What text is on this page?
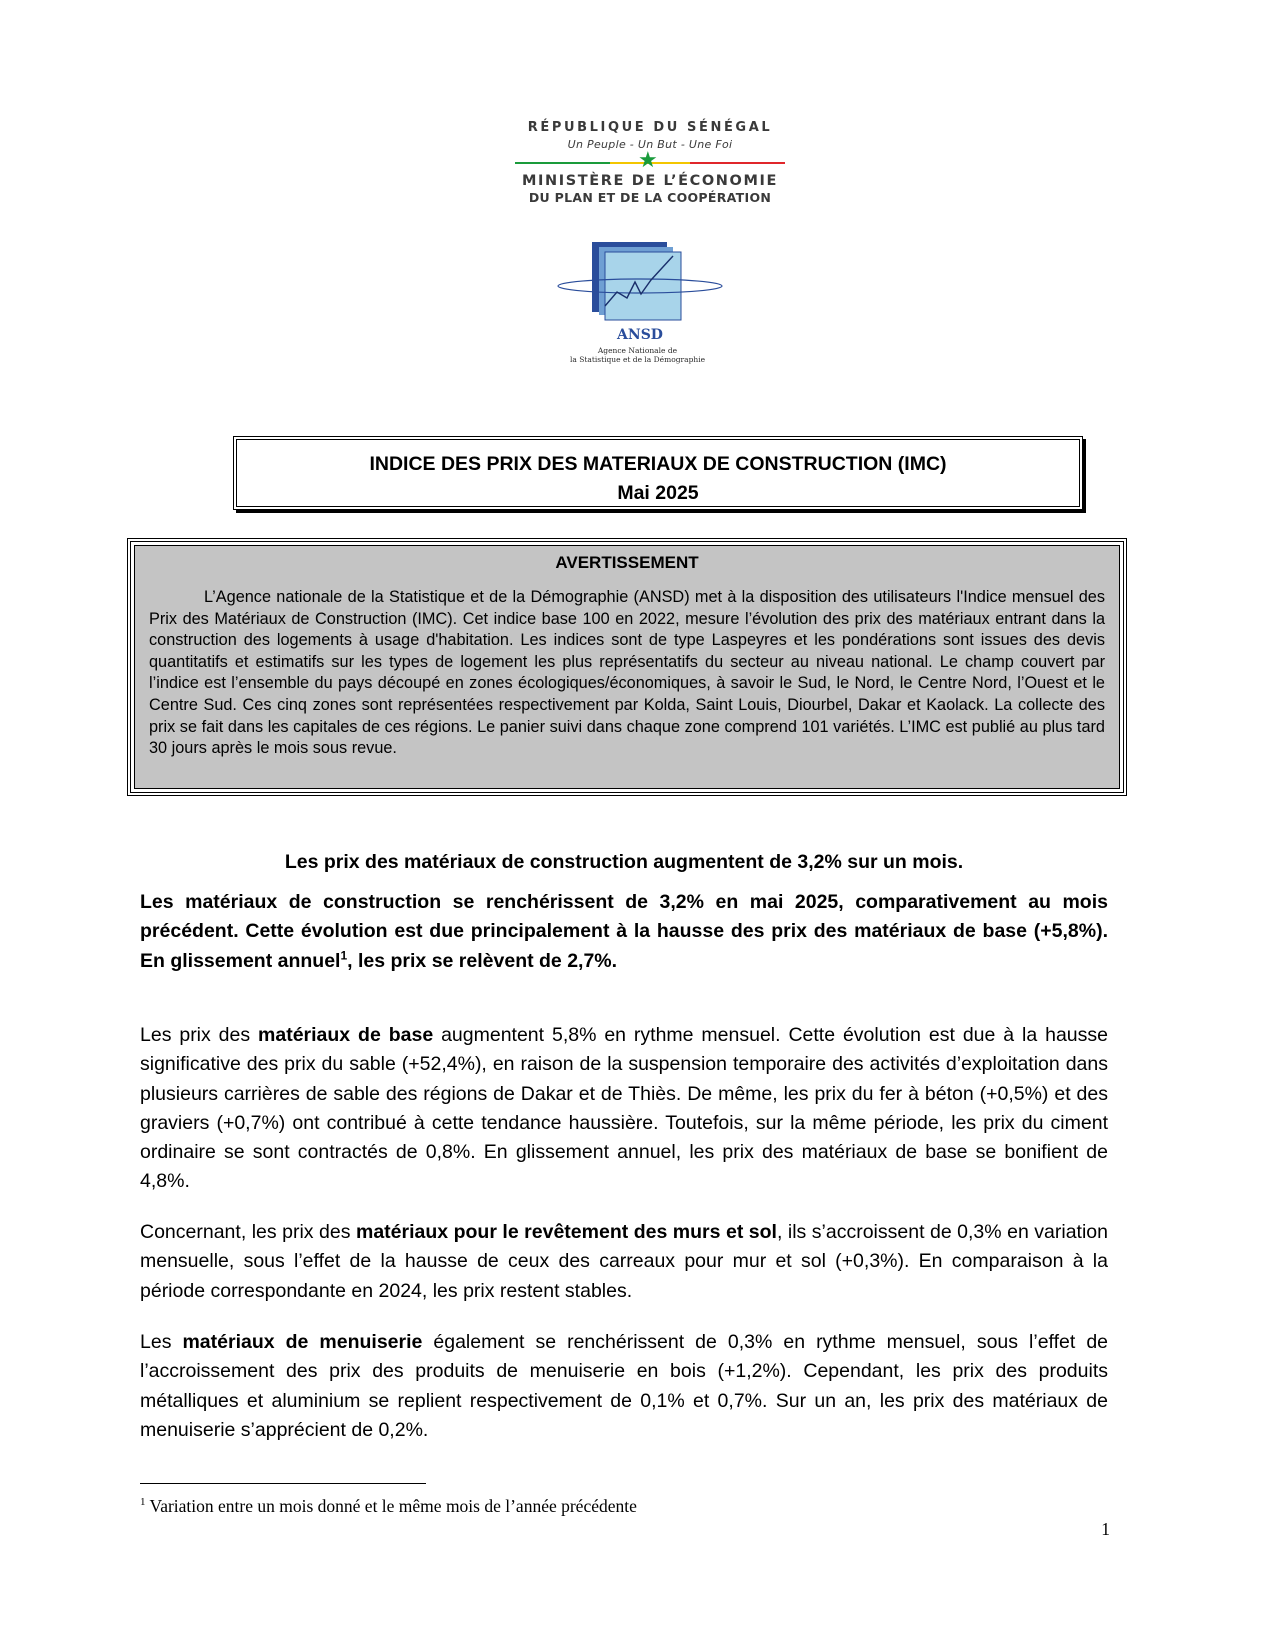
RÉPUBLIQUE DU SÉNÉGAL
Un Peuple - Un But - Une Foi
★
MINISTÈRE DE L’ÉCONOMIE
DU PLAN ET DE LA COOPÉRATION
ANSD
Agence Nationale de
la Statistique et de la Démographie
INDICE DES PRIX DES MATERIAUX DE CONSTRUCTION (IMC)
Mai 2025
AVERTISSEMENT
L’Agence nationale de la Statistique et de la Démographie (ANSD) met à la disposition des utilisateurs l'Indice mensuel des Prix des Matériaux de Construction (IMC). Cet indice base 100 en 2022, mesure l’évolution des prix des matériaux entrant dans la construction des logements à usage d'habitation. Les indices sont de type Laspeyres et les pondérations sont issues des devis quantitatifs et estimatifs sur les types de logement les plus représentatifs du secteur au niveau national. Le champ couvert par l’indice est l’ensemble du pays découpé en zones écologiques/économiques, à savoir le Sud, le Nord, le Centre Nord, l’Ouest et le Centre Sud. Ces cinq zones sont représentées respectivement par Kolda, Saint Louis, Diourbel, Dakar et Kaolack. La collecte des prix se fait dans les capitales de ces régions. Le panier suivi dans chaque zone comprend 101 variétés. L’IMC est publié au plus tard 30 jours après le mois sous revue.
Les prix des matériaux de construction augmentent de 3,2% sur un mois.
Les matériaux de construction se renchérissent de 3,2% en mai 2025, comparativement au mois précédent. Cette évolution est due principalement à la hausse des prix des matériaux de base (+5,8%). En glissement annuel$^1$, les prix se relèvent de 2,7%.
Les prix des matériaux de base augmentent 5,8% en rythme mensuel. Cette évolution est due à la hausse significative des prix du sable (+52,4%), en raison de la suspension temporaire des activités d’exploitation dans plusieurs carrières de sable des régions de Dakar et de Thiès. De même, les prix du fer à béton (+0,5%) et des graviers (+0,7%) ont contribué à cette tendance haussière. Toutefois, sur la même période, les prix du ciment ordinaire se sont contractés de 0,8%. En glissement annuel, les prix des matériaux de base se bonifient de 4,8%.
Concernant, les prix des matériaux pour le revêtement des murs et sol, ils s’accroissent de 0,3% en variation mensuelle, sous l’effet de la hausse de ceux des carreaux pour mur et sol (+0,3%). En comparaison à la période correspondante en 2024, les prix restent stables.
Les matériaux de menuiserie également se renchérissent de 0,3% en rythme mensuel, sous l’effet de l’accroissement des prix des produits de menuiserie en bois (+1,2%). Cependant, les prix des produits métalliques et aluminium se replient respectivement de 0,1% et 0,7%. Sur un an, les prix des matériaux de menuiserie s’apprécient de 0,2%.
$^1$ Variation entre un mois donné et le même mois de l’année précédente
1
